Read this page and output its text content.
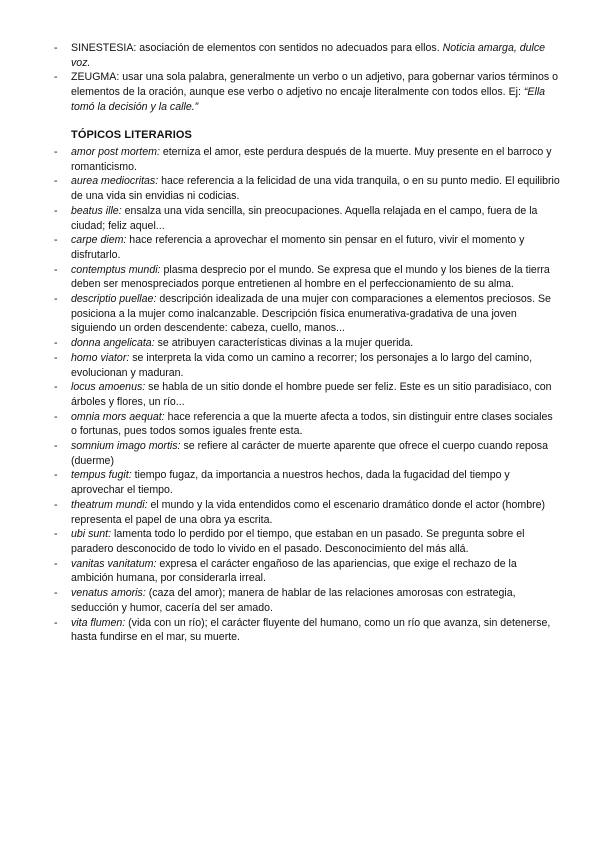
- SINESTESIA: asociación de elementos con sentidos no adecuados para ellos. Noticia amarga, dulce voz.
- ZEUGMA: usar una sola palabra, generalmente un verbo o un adjetivo, para gobernar varios términos o elementos de la oración, aunque ese verbo o adjetivo no encaje literalmente con todos ellos. Ej: “Ella tomó la decisión y la calle.”
TÓPICOS LITERARIOS
- amor post mortem: eterniza el amor, este perdura después de la muerte. Muy presente en el barroco y romanticismo.
- aurea mediocritas: hace referencia a la felicidad de una vida tranquila, o en su punto medio. El equilibrio de una vida sin envidias ni codicias.
- beatus ille: ensalza una vida sencilla, sin preocupaciones. Aquella relajada en el campo, fuera de la ciudad; feliz aquel...
- carpe diem: hace referencia a aprovechar el momento sin pensar en el futuro, vivir el momento y disfrutarlo.
- contemptus mundi: plasma desprecio por el mundo. Se expresa que el mundo y los bienes de la tierra deben ser menospreciados porque entretienen al hombre en el perfeccionamiento de su alma.
- descriptio puellae: descripción idealizada de una mujer con comparaciones a elementos preciosos. Se posiciona a la mujer como inalcanzable. Descripción física enumerativa-gradativa de una joven siguiendo un orden descendente: cabeza, cuello, manos...
- donna angelicata: se atribuyen características divinas a la mujer querida.
- homo viator: se interpreta la vida como un camino a recorrer; los personajes a lo largo del camino, evolucionan y maduran.
- locus amoenus: se habla de un sitio donde el hombre puede ser feliz. Este es un sitio paradisiaco, con árboles y flores, un río...
- omnia mors aequat: hace referencia a que la muerte afecta a todos, sin distinguir entre clases sociales o fortunas, pues todos somos iguales frente esta.
- somnium imago mortis: se refiere al carácter de muerte aparente que ofrece el cuerpo cuando reposa (duerme)
- tempus fugit: tiempo fugaz, da importancia a nuestros hechos, dada la fugacidad del tiempo y aprovechar el tiempo.
- theatrum mundi: el mundo y la vida entendidos como el escenario dramático donde el actor (hombre) representa el papel de una obra ya escrita.
- ubi sunt: lamenta todo lo perdido por el tiempo, que estaban en un pasado. Se pregunta sobre el paradero desconocido de todo lo vivido en el pasado. Desconocimiento del más allá.
- vanitas vanitatum: expresa el carácter engañoso de las apariencias, que exige el rechazo de la ambición humana, por considerarla irreal.
- venatus amoris: (caza del amor); manera de hablar de las relaciones amorosas con estrategia, seducción y humor, cacería del ser amado.
- vita flumen: (vida con un río); el carácter fluyente del humano, como un río que avanza, sin detenerse, hasta fundirse en el mar, su muerte.
